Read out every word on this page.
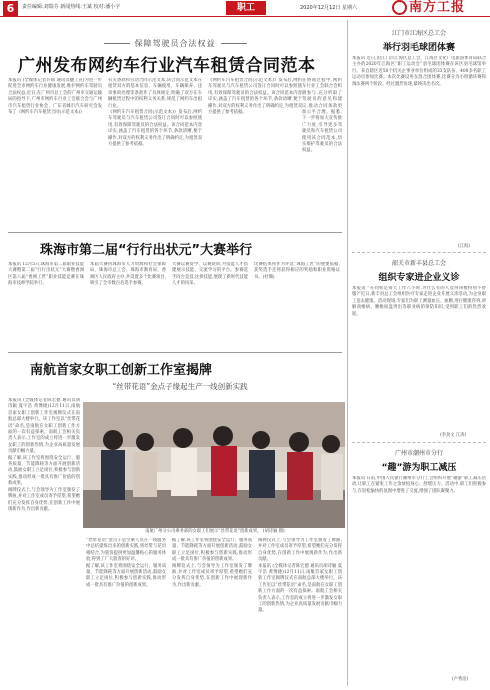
6	责任编辑:刘瑞芬 新闻热线:王斌 校对:潘小字	职工	2020年12月12日 星期六	南方工报
保障驾驶员合法权益
广州发布网约车行业汽车租赁合同范本

本报讯 (全媒体记者许锦 通讯员穗工宣)为进一步促进全市网约车行业健康发展,维护网约车驾驶员合法权益,近日,在广州市总工会的广州市交通运输局的指导下,广州市网约车行业工会联合会与广州市汽车租赁行业协会、广东省城市汽车研究会发布了《网约车汽车租赁合同(示范文本)》

有关条款和劳动合同示范文本,该合同示范文本在租赁双方的基本信息、车辆使用、车辆保养、违章事故处理等条款作了具体规定,明确了双方在车辆租赁过程中的权利义务关系,规范了网约车出租行业。

《网约车汽车租赁合同(示范文本)》发布后,网约车驾驶员与汽车租赁公司签订合同时可以参照使用,有效保障驾驶员的合法权益。该合同范本内容详实,涵盖了汽车租赁的各个环节,条款清晰,便于操作,对双方的权利义务作出了明确约定,为租赁双方提供了参考依据。

《网约车汽车租赁合同(示范文本)》发布后,网约车驾驶员与汽车租赁公司签订合同时可以参照使用,有效保障驾驶员的合法权益。该合同范本内容详实,涵盖了汽车租赁的各个环节,条款清晰,便于操作,对双方的权利义务作出了明确约定,为租赁双方提供了参考依据。

在协商过程中,网约车行业工会联合会积极参与,充分听取了驾驶员的意见和建议,推动合同条款更加公平合理。据悉,下一步将加大宣传推广力度,引导更多驾驶员和汽车租赁公司使用该合同范本,切实维护驾驶员的合法权益。

珠海市第二届“行行出状元”大赛举行

本报讯 12月5日,珠海市第二届职业技能大赛暨第二届“行行出状元”大赛暨香洲区第八届“香洲工匠”职业技能竞赛在珠海市技师学院举行。

本届大赛由珠海市人力资源和社会保障局、珠海市总工会、珠海市教育局、香洲区人民政府主办,共设置多个比赛项目,吸引了全市数百名选手参赛。

大赛以赛促学、以赛促训,为技能人才搭建展示技能、交流学习的平台。参赛选手同台竞技,比拼技能,展现了新时代技能人才的风采。

比赛结果将作为评选“珠海工匠”的重要依据,获奖选手还将获得相应的奖励和职业资格证书。(杜珊)

南航首家女职工创新工作室揭牌
“丝带花语”金点子缘起生产一线创新实践

本报讯 (全媒体记者陈宏德 通讯员胡诗颖 夏宇浩 黄博捷)12月11日,南航首家女职工创新工作室揭牌仪式在南航总部大楼举行。该工作室以“丝带花语”命名,是南航在女职工创新工作方面的一次有益探索。南航工会相关负责人表示,工作室的成立将进一步激发女职工的创新热情,为企业高质量发展贡献巾帼力量。

据了解,该工作室将围绕安全运行、服务质量、节能降耗等方面开展创新活动,鼓励女职工立足岗位,积极参与创新实践,推动形成一批具有推广价值的创新成果。

揭牌仪式上,与会领导为工作室颁发了牌匾,并对工作室成员寄予厚望,希望她们充分发挥自身优势,在创新工作中展现新作为,作出新贡献。

南航广州分公司乘务部的女职工们展示“丝带花语”创新成果。 (胡诗颖 摄)

“丝带花语”金点子是空乘人员在一线服务中总结提炼出来的创新实践,将丝带与花语相结合,为旅客提供更加温馨贴心的服务体验,得到了广大旅客的好评。

据了解,该工作室将围绕安全运行、服务质量、节能降耗等方面开展创新活动,鼓励女职工立足岗位,积极参与创新实践,推动形成一批具有推广价值的创新成果。

据了解,该工作室将围绕安全运行、服务质量、节能降耗等方面开展创新活动,鼓励女职工立足岗位,积极参与创新实践,推动形成一批具有推广价值的创新成果。

揭牌仪式上,与会领导为工作室颁发了牌匾,并对工作室成员寄予厚望,希望她们充分发挥自身优势,在创新工作中展现新作为,作出新贡献。

揭牌仪式上,与会领导为工作室颁发了牌匾,并对工作室成员寄予厚望,希望她们充分发挥自身优势,在创新工作中展现新作为,作出新贡献。

本报讯 (全媒体记者陈宏德 通讯员胡诗颖 夏宇浩 黄博捷)12月11日,南航首家女职工创新工作室揭牌仪式在南航总部大楼举行。该工作室以“丝带花语”命名,是南航在女职工创新工作方面的一次有益探索。南航工会相关负责人表示,工作室的成立将进一步激发女职工的创新热情,为企业高质量发展贡献巾帼力量。

江门市江海区总工会
举行羽毛球团体赛

本报讯 近日,由江门市江海区总工会、江海区文化广电旅游体育局联合主办的2020年江海区“职工运动会”羽毛球团体赛在该区羽毛球馆举行。来自辖区近50个机关企事业单位组成的33支队伍、400多名职工运动员参加比赛。本次比赛设男女混合团体赛,比赛分为小组循环赛和淘汰赛两个阶段。经过激烈角逐,最终决出名次。

(江海)
韶关市新丰县总工会
组织专家进企业义诊

本报讯 “在同样是每天工作八小时,为什么有的人觉得颈椎特别不舒服?”近日,新丰县总工会组织医疗专家走进企业开展义诊活动,为企业职工送去健康。活动现场,专家们为职工测量血压、血糖,进行健康咨询,讲解颈椎病、腰椎间盘突出等职业病的预防知识,受到职工们的热烈欢迎。

(李劲文 江涛)
广州市潮州市分行
“趣”游为职工减压

本报讯 日前,中国人民银行潮州市分行工会组织开展“趣游”职工减压活动,让职工在紧张工作之余放松身心、舒缓压力。活动中,职工们积极参与,在轻松愉快的氛围中增进了交流,增强了团队凝聚力。

(卢秀洁)
